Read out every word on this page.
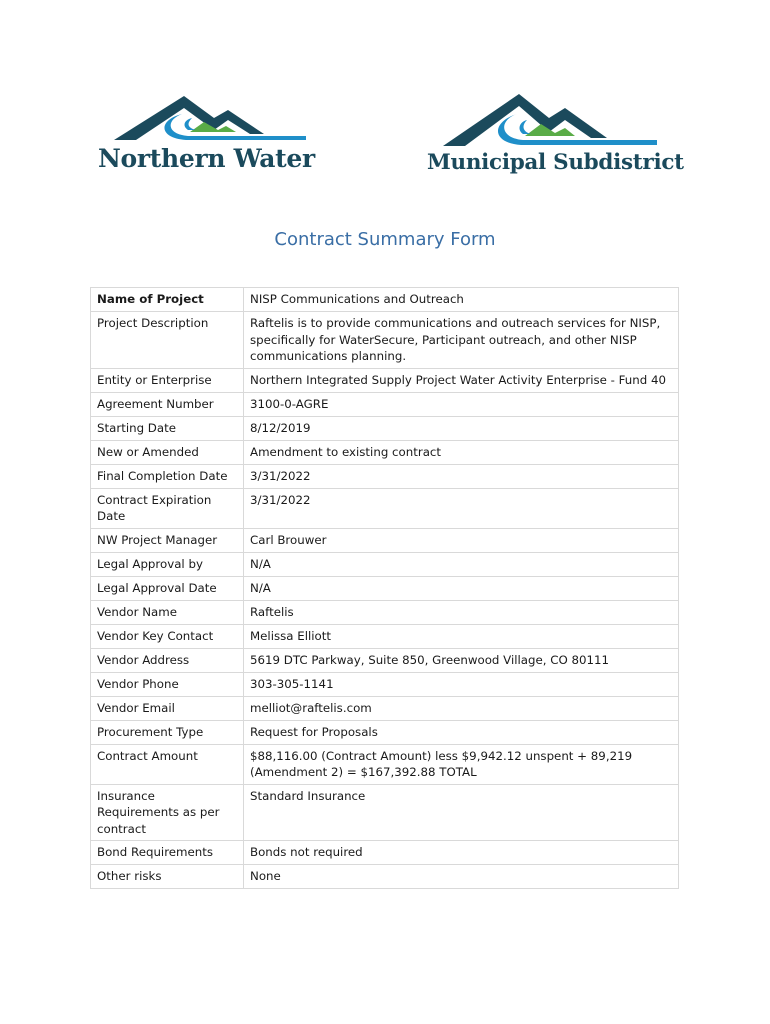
Northern Water	Municipal Subdistrict
Contract Summary Form
Name of Project	NISP Communications and Outreach
Project Description	Raftelis is to provide communications and outreach services for NISP, specifically for WaterSecure, Participant outreach, and other NISP communications planning.
Entity or Enterprise	Northern Integrated Supply Project Water Activity Enterprise - Fund 40
Agreement Number	3100-0-AGRE
Starting Date	8/12/2019
New or Amended	Amendment to existing contract
Final Completion Date	3/31/2022
Contract Expiration Date	3/31/2022
NW Project Manager	Carl Brouwer
Legal Approval by	N/A
Legal Approval Date	N/A
Vendor Name	Raftelis
Vendor Key Contact	Melissa Elliott
Vendor Address	5619 DTC Parkway, Suite 850, Greenwood Village, CO 80111
Vendor Phone	303-305-1141
Vendor Email	melliot@raftelis.com
Procurement Type	Request for Proposals
Contract Amount	$88,116.00 (Contract Amount) less $9,942.12 unspent + 89,219 (Amendment 2) = $167,392.88 TOTAL
Insurance Requirements as per contract	Standard Insurance
Bond Requirements	Bonds not required
Other risks	None
